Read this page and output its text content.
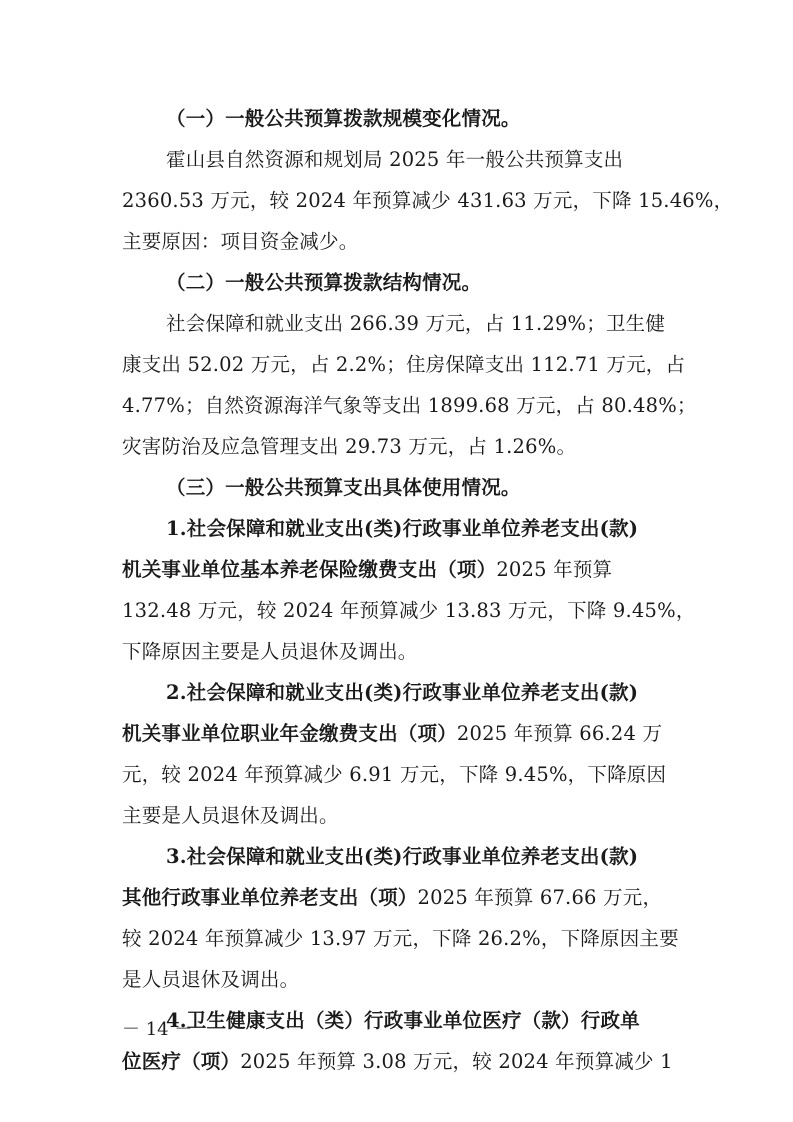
（一）一般公共预算拨款规模变化情况。
霍山县自然资源和规划局 2025 年一般公共预算支出
2360.53 万元，较 2024 年预算减少 431.63 万元，下降 15.46%，
主要原因：项目资金减少。
（二）一般公共预算拨款结构情况。
社会保障和就业支出 266.39 万元，占 11.29%；卫生健
康支出 52.02 万元，占 2.2%；住房保障支出 112.71 万元，占
4.77%；自然资源海洋气象等支出 1899.68 万元，占 80.48%；
灾害防治及应急管理支出 29.73 万元，占 1.26%。
（三）一般公共预算支出具体使用情况。
1.社会保障和就业支出(类)行政事业单位养老支出(款)
机关事业单位基本养老保险缴费支出（项）2025 年预算
132.48 万元，较 2024 年预算减少 13.83 万元，下降 9.45%，
下降原因主要是人员退休及调出。
2.社会保障和就业支出(类)行政事业单位养老支出(款)
机关事业单位职业年金缴费支出（项）2025 年预算 66.24 万
元，较 2024 年预算减少 6.91 万元，下降 9.45%，下降原因
主要是人员退休及调出。
3.社会保障和就业支出(类)行政事业单位养老支出(款)
其他行政事业单位养老支出（项）2025 年预算 67.66 万元，
较 2024 年预算减少 13.97 万元，下降 26.2%，下降原因主要
是人员退休及调出。
4.卫生健康支出（类）行政事业单位医疗（款）行政单
位医疗（项）2025 年预算 3.08 万元，较 2024 年预算减少 1
－ 14 －
